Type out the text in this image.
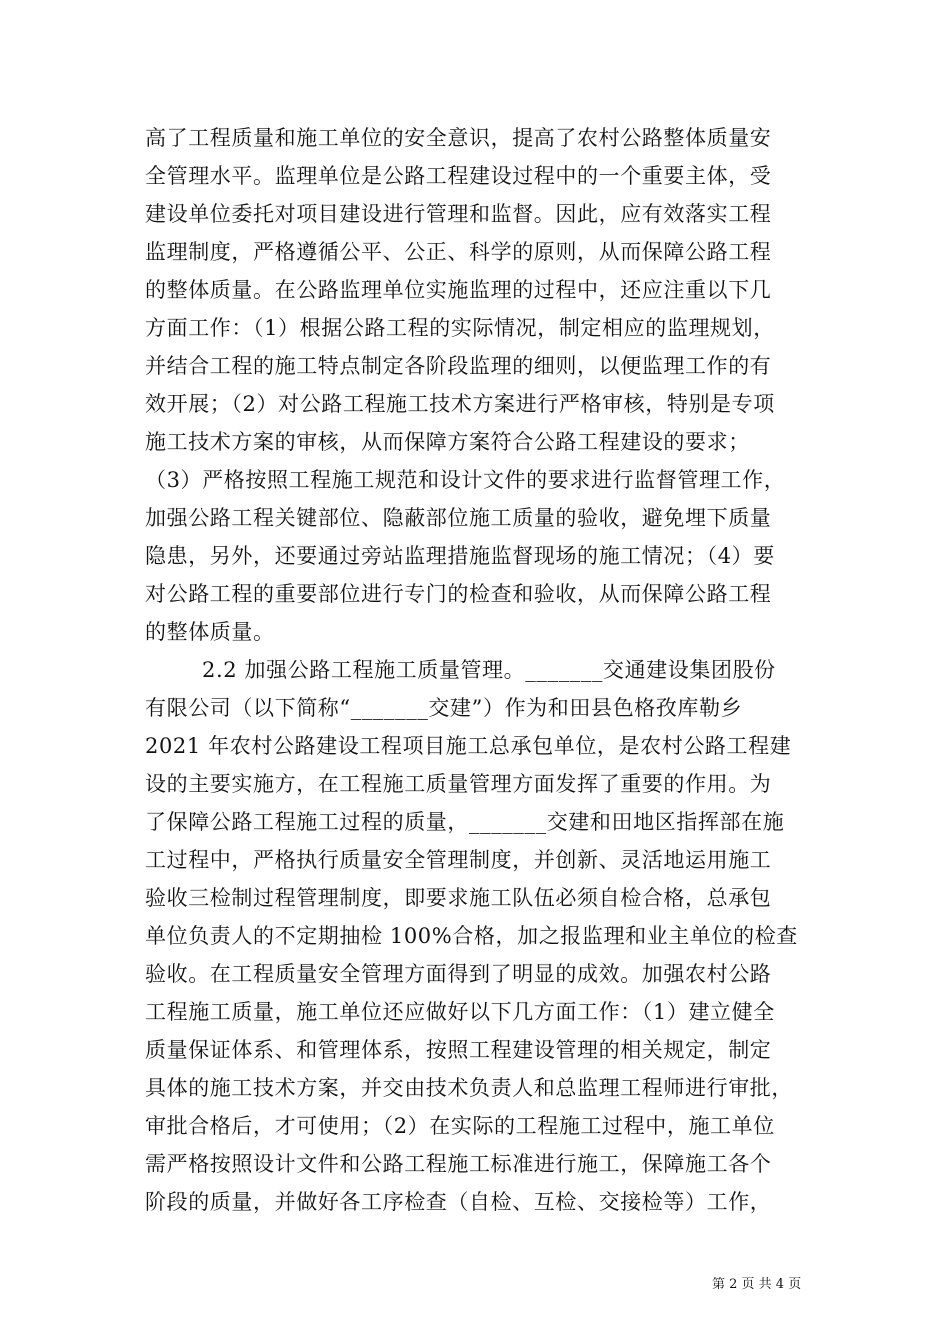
高了工程质量和施工单位的安全意识，提高了农村公路整体质量安
全管理水平。监理单位是公路工程建设过程中的一个重要主体，受
建设单位委托对项目建设进行管理和监督。因此，应有效落实工程
监理制度，严格遵循公平、公正、科学的原则，从而保障公路工程
的整体质量。在公路监理单位实施监理的过程中，还应注重以下几
方面工作：（1）根据公路工程的实际情况，制定相应的监理规划，
并结合工程的施工特点制定各阶段监理的细则，以便监理工作的有
效开展；（2）对公路工程施工技术方案进行严格审核，特别是专项
施工技术方案的审核，从而保障方案符合公路工程建设的要求；
（3）严格按照工程施工规范和设计文件的要求进行监督管理工作，
加强公路工程关键部位、隐蔽部位施工质量的验收，避免埋下质量
隐患，另外，还要通过旁站监理措施监督现场的施工情况；（4）要
对公路工程的重要部位进行专门的检查和验收，从而保障公路工程
的整体质量。
2.2 加强公路工程施工质量管理。_______交通建设集团股份
有限公司（以下简称“_______交建”）作为和田县色格孜库勒乡
2021 年农村公路建设工程项目施工总承包单位，是农村公路工程建
设的主要实施方，在工程施工质量管理方面发挥了重要的作用。为
了保障公路工程施工过程的质量，_______交建和田地区指挥部在施
工过程中，严格执行质量安全管理制度，并创新、灵活地运用施工
验收三检制过程管理制度，即要求施工队伍必须自检合格，总承包
单位负责人的不定期抽检 100%合格，加之报监理和业主单位的检查
验收。在工程质量安全管理方面得到了明显的成效。加强农村公路
工程施工质量，施工单位还应做好以下几方面工作：（1）建立健全
质量保证体系、和管理体系，按照工程建设管理的相关规定，制定
具体的施工技术方案，并交由技术负责人和总监理工程师进行审批，
审批合格后，才可使用；（2）在实际的工程施工过程中，施工单位
需严格按照设计文件和公路工程施工标准进行施工，保障施工各个
阶段的质量，并做好各工序检查（自检、互检、交接检等）工作，
第 2 页 共 4 页
